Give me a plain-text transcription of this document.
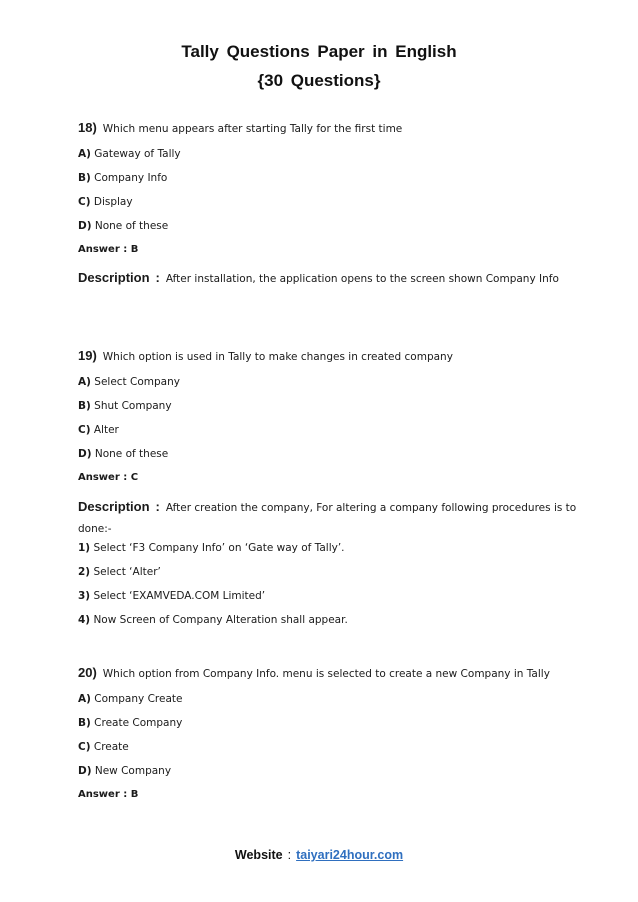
Tally Questions Paper in English
{30 Questions}
18) Which menu appears after starting Tally for the first time
A) Gateway of Tally
B) Company Info
C) Display
D) None of these
Answer : B
Description : After installation, the application opens to the screen shown Company Info
19) Which option is used in Tally to make changes in created company
A) Select Company
B) Shut Company
C) Alter
D) None of these
Answer : C
Description : After creation the company, For altering a company following procedures is to
done:-
1) Select ‘F3 Company Info’ on ‘Gate way of Tally’.
2) Select ‘Alter’
3) Select ‘EXAMVEDA.COM Limited’
4) Now Screen of Company Alteration shall appear.
20) Which option from Company Info. menu is selected to create a new Company in Tally
A) Company Create
B) Create Company
C) Create
D) New Company
Answer : B
Website : taiyari24hour.com
